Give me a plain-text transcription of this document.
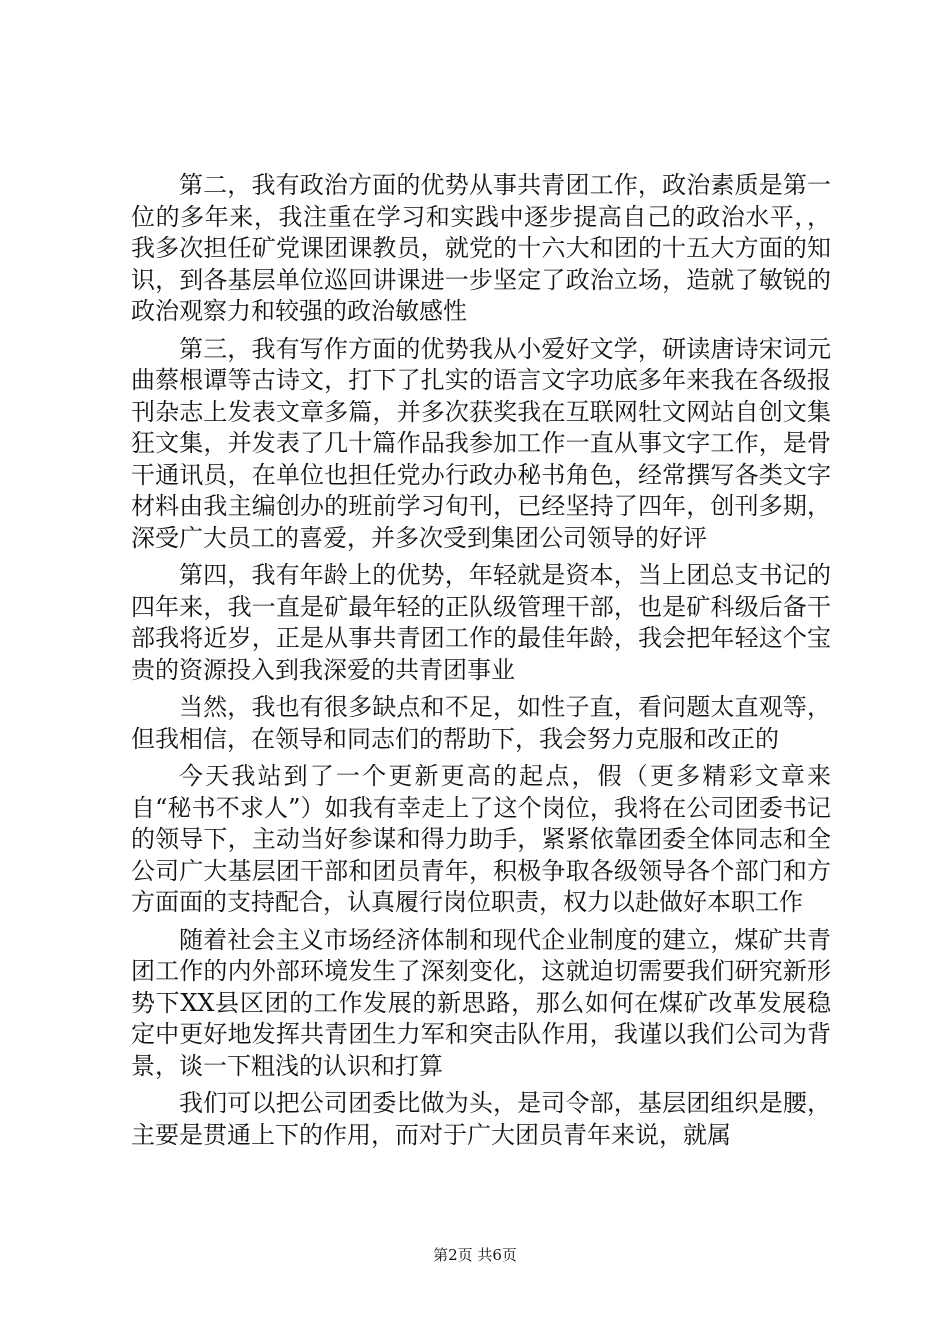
第二，我有政治方面的优势从事共青团工作，政治素质是第一位的多年来，我注重在学习和实践中逐步提高自己的政治水平，，我多次担任矿党课团课教员，就党的十六大和团的十五大方面的知识，到各基层单位巡回讲课进一步坚定了政治立场，造就了敏锐的政治观察力和较强的政治敏感性

第三，我有写作方面的优势我从小爱好文学，研读唐诗宋词元曲蔡根谭等古诗文，打下了扎实的语言文字功底多年来我在各级报刊杂志上发表文章多篇，并多次获奖我在互联网牡文网站自创文集狂文集，并发表了几十篇作品我参加工作一直从事文字工作，是骨干通讯员，在单位也担任党办行政办秘书角色，经常撰写各类文字材料由我主编创办的班前学习旬刊，已经坚持了四年，创刊多期，深受广大员工的喜爱，并多次受到集团公司领导的好评

第四，我有年龄上的优势，年轻就是资本，当上团总支书记的四年来，我一直是矿最年轻的正队级管理干部，也是矿科级后备干部我将近岁，正是从事共青团工作的最佳年龄，我会把年轻这个宝贵的资源投入到我深爱的共青团事业

当然，我也有很多缺点和不足，如性子直，看问题太直观等，但我相信，在领导和同志们的帮助下，我会努力克服和改正的

今天我站到了一个更新更高的起点，假（更多精彩文章来自“秘书不求人”）如我有幸走上了这个岗位，我将在公司团委书记的领导下，主动当好参谋和得力助手，紧紧依靠团委全体同志和全公司广大基层团干部和团员青年，积极争取各级领导各个部门和方方面面的支持配合，认真履行岗位职责，权力以赴做好本职工作

随着社会主义市场经济体制和现代企业制度的建立，煤矿共青团工作的内外部环境发生了深刻变化，这就迫切需要我们研究新形势下XX县区团的工作发展的新思路，那么如何在煤矿改革发展稳定中更好地发挥共青团生力军和突击队作用，我谨以我们公司为背景，谈一下粗浅的认识和打算

我们可以把公司团委比做为头，是司令部，基层团组织是腰，主要是贯通上下的作用，而对于广大团员青年来说，就属

第2页 共6页
